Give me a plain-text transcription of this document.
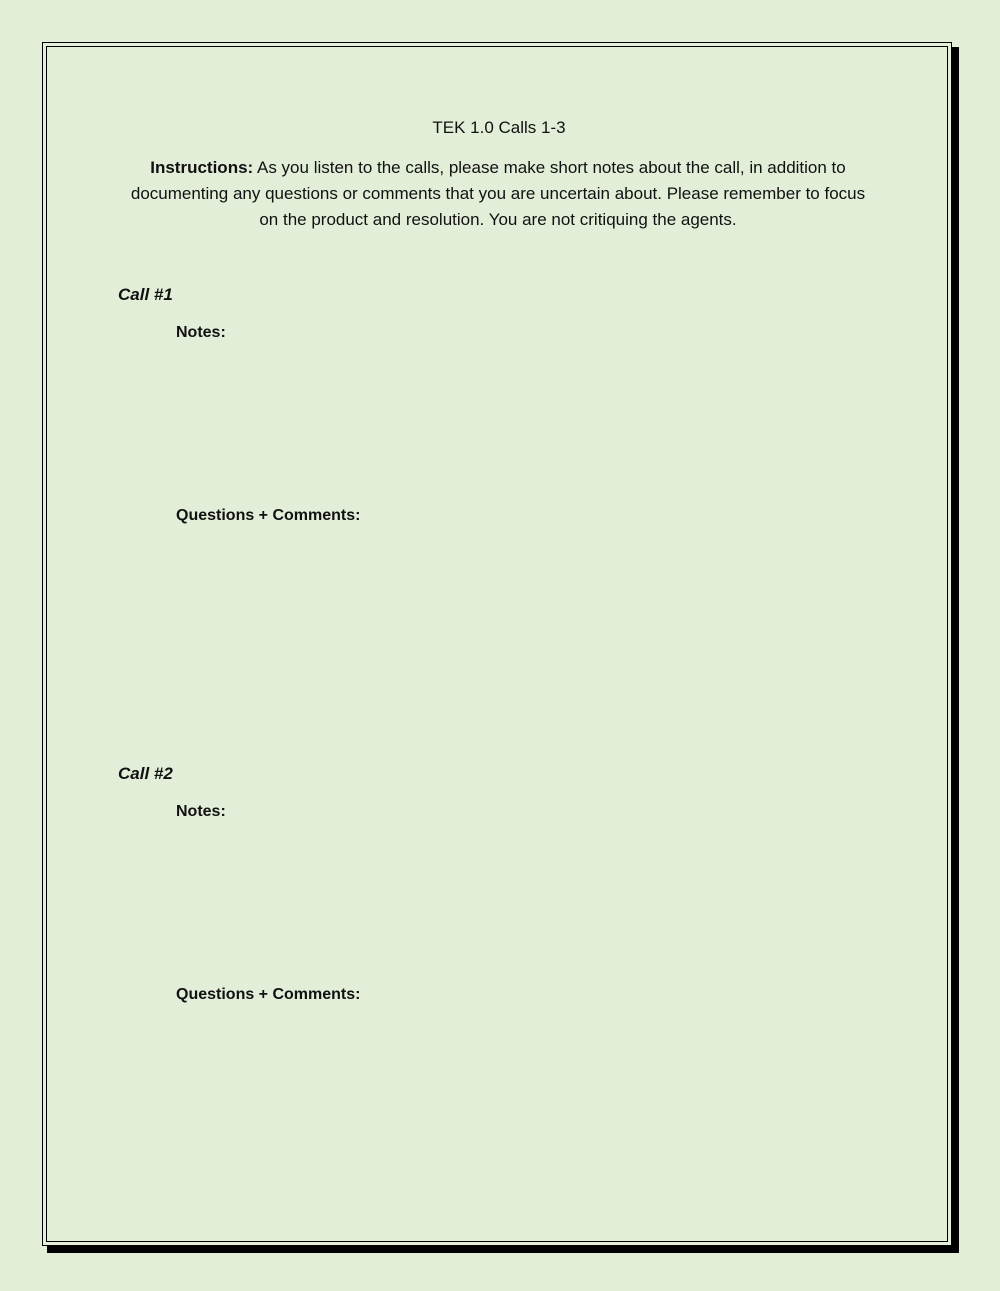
TEK 1.0 Calls 1-3
Instructions: As you listen to the calls, please make short notes about the call, in addition to documenting any questions or comments that you are uncertain about. Please remember to focus on the product and resolution. You are not critiquing the agents.
Call #1
Notes:
Questions + Comments:
Call #2
Notes:
Questions + Comments:
